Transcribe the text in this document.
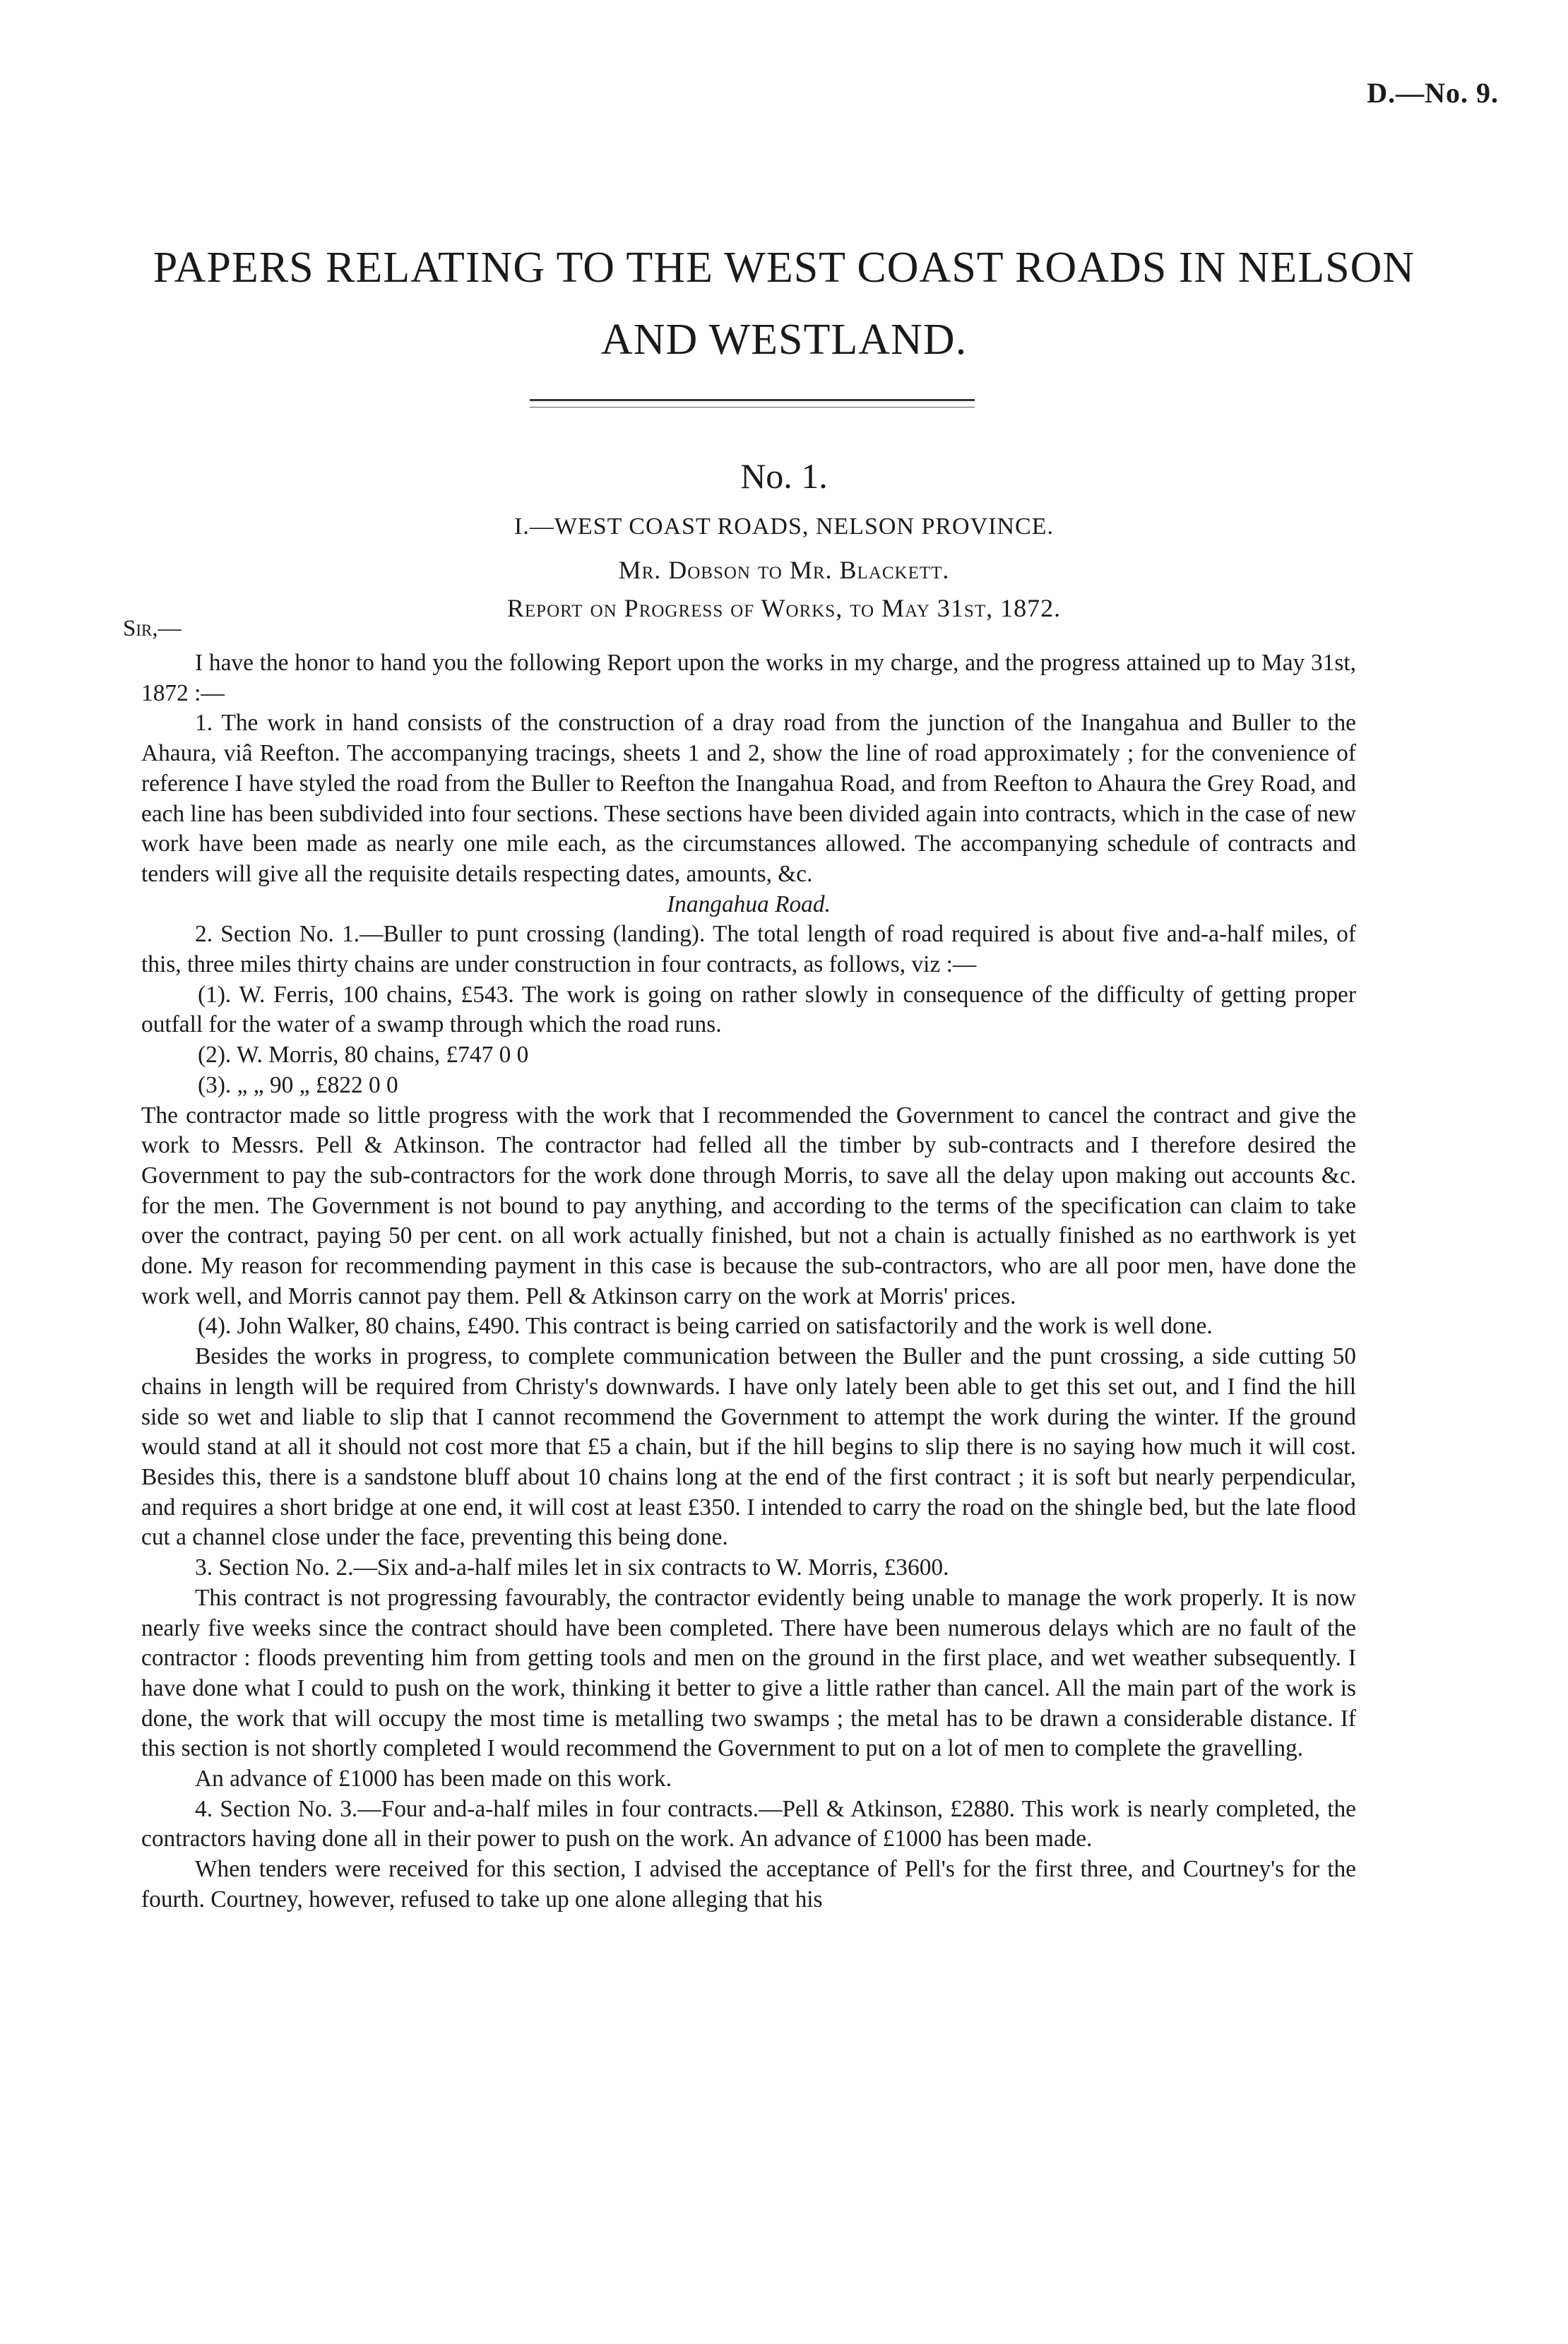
D.—No. 9.
PAPERS RELATING TO THE WEST COAST ROADS IN NELSON
AND WESTLAND.
No. 1.
I.—WEST COAST ROADS, NELSON PROVINCE.
Mr. Dobson to Mr. Blackett.
Report on Progress of Works, to May 31st, 1872.
Sir,—

I have the honor to hand you the following Report upon the works in my charge, and the progress attained up to May 31st, 1872 :—

1. The work in hand consists of the construction of a dray road from the junction of the Inangahua and Buller to the Ahaura, viâ Reefton. The accompanying tracings, sheets 1 and 2, show the line of road approximately ; for the convenience of reference I have styled the road from the Buller to Reefton the Inangahua Road, and from Reefton to Ahaura the Grey Road, and each line has been subdivided into four sections. These sections have been divided again into contracts, which in the case of new work have been made as nearly one mile each, as the circumstances allowed. The accompanying schedule of contracts and tenders will give all the requisite details respecting dates, amounts, &c.

Inangahua Road.

2. Section No. 1.—Buller to punt crossing (landing). The total length of road required is about five and-a-half miles, of this, three miles thirty chains are under construction in four contracts, as follows, viz :—

(1). W. Ferris, 100 chains, £543. The work is going on rather slowly in consequence of the difficulty of getting proper outfall for the water of a swamp through which the road runs.

(2). W. Morris, 80 chains, £747 0 0

(3). „ „ 90 „ £822 0 0

The contractor made so little progress with the work that I recommended the Government to cancel the contract and give the work to Messrs. Pell & Atkinson. The contractor had felled all the timber by sub-contracts and I therefore desired the Government to pay the sub-contractors for the work done through Morris, to save all the delay upon making out accounts &c. for the men. The Government is not bound to pay anything, and according to the terms of the specification can claim to take over the contract, paying 50 per cent. on all work actually finished, but not a chain is actually finished as no earthwork is yet done. My reason for recommending payment in this case is because the sub-contractors, who are all poor men, have done the work well, and Morris cannot pay them. Pell & Atkinson carry on the work at Morris' prices.

(4). John Walker, 80 chains, £490. This contract is being carried on satisfactorily and the work is well done.

Besides the works in progress, to complete communication between the Buller and the punt crossing, a side cutting 50 chains in length will be required from Christy's downwards. I have only lately been able to get this set out, and I find the hill side so wet and liable to slip that I cannot recommend the Government to attempt the work during the winter. If the ground would stand at all it should not cost more that £5 a chain, but if the hill begins to slip there is no saying how much it will cost. Besides this, there is a sandstone bluff about 10 chains long at the end of the first contract ; it is soft but nearly perpendicular, and requires a short bridge at one end, it will cost at least £350. I intended to carry the road on the shingle bed, but the late flood cut a channel close under the face, preventing this being done.

3. Section No. 2.—Six and-a-half miles let in six contracts to W. Morris, £3600.

This contract is not progressing favourably, the contractor evidently being unable to manage the work properly. It is now nearly five weeks since the contract should have been completed. There have been numerous delays which are no fault of the contractor : floods preventing him from getting tools and men on the ground in the first place, and wet weather subsequently. I have done what I could to push on the work, thinking it better to give a little rather than cancel. All the main part of the work is done, the work that will occupy the most time is metalling two swamps ; the metal has to be drawn a considerable distance. If this section is not shortly completed I would recommend the Government to put on a lot of men to complete the gravelling.

An advance of £1000 has been made on this work.

4. Section No. 3.—Four and-a-half miles in four contracts.—Pell & Atkinson, £2880. This work is nearly completed, the contractors having done all in their power to push on the work. An advance of £1000 has been made.

When tenders were received for this section, I advised the acceptance of Pell's for the first three, and Courtney's for the fourth. Courtney, however, refused to take up one alone alleging that his
